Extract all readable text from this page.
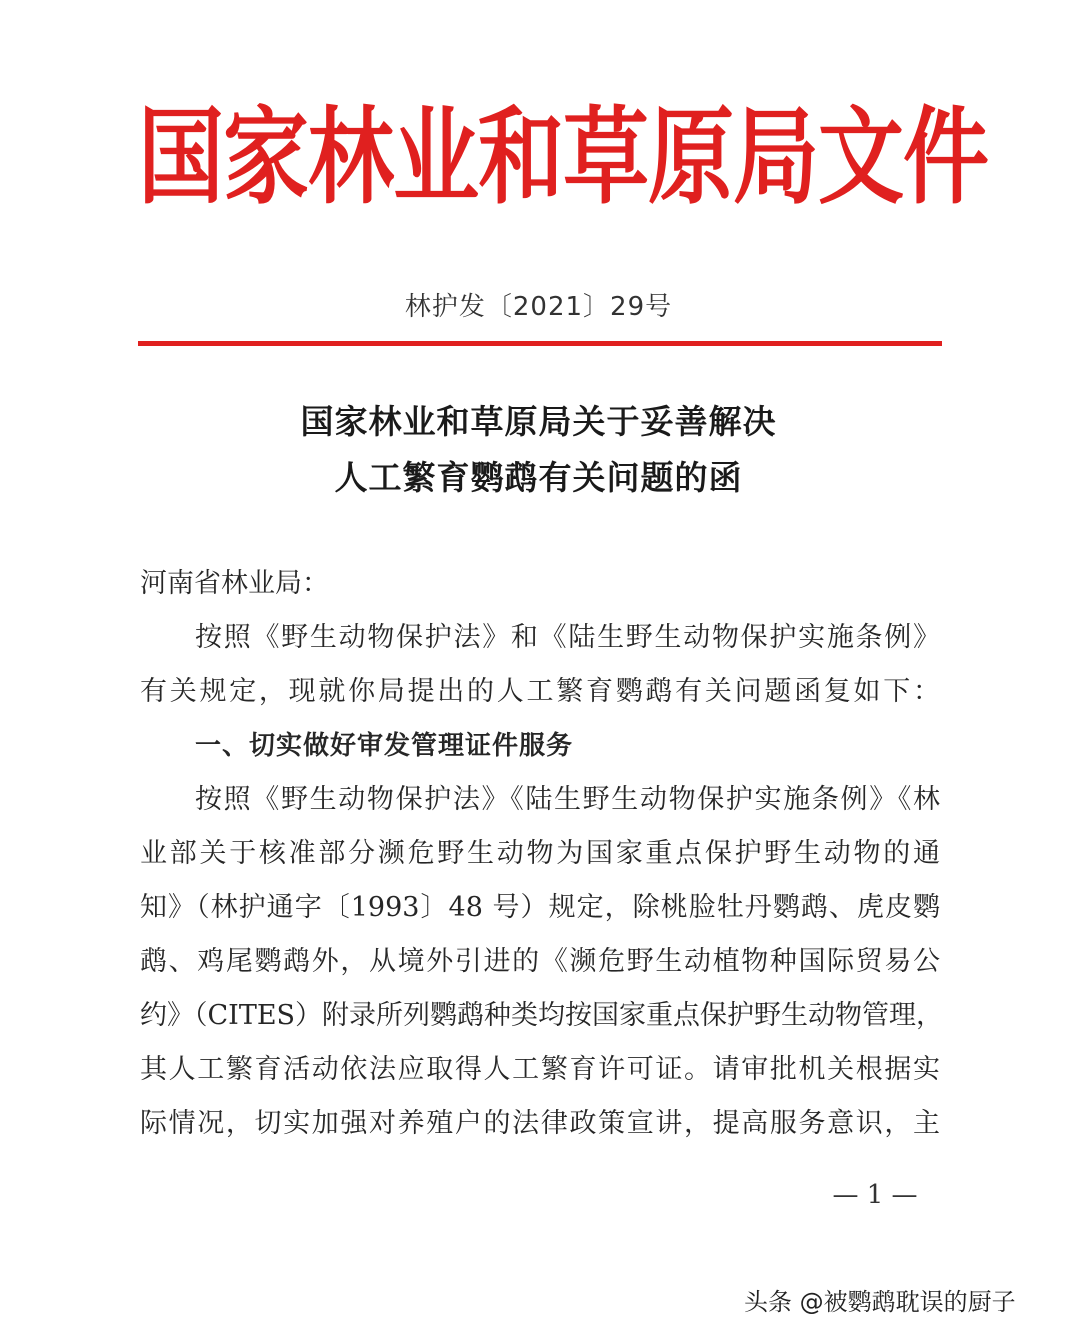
国家林业和草原局文件
林护发〔2021〕29号
国家林业和草原局关于妥善解决
人工繁育鹦鹉有关问题的函
河南省林业局：
按照《野生动物保护法》和《陆生野生动物保护实施条例》
有关规定，现就你局提出的人工繁育鹦鹉有关问题函复如下：
一、切实做好审发管理证件服务
按照《野生动物保护法》《陆生野生动物保护实施条例》《林
业部关于核准部分濒危野生动物为国家重点保护野生动物的通
知》（林护通字〔1993〕48 号）规定，除桃脸牡丹鹦鹉、虎皮鹦
鹉、鸡尾鹦鹉外，从境外引进的《濒危野生动植物种国际贸易公
约》（CITES）附录所列鹦鹉种类均按国家重点保护野生动物管理，
其人工繁育活动依法应取得人工繁育许可证。请审批机关根据实
际情况，切实加强对养殖户的法律政策宣讲，提高服务意识，主
— 1 —
头条 @被鹦鹉耽误的厨子
